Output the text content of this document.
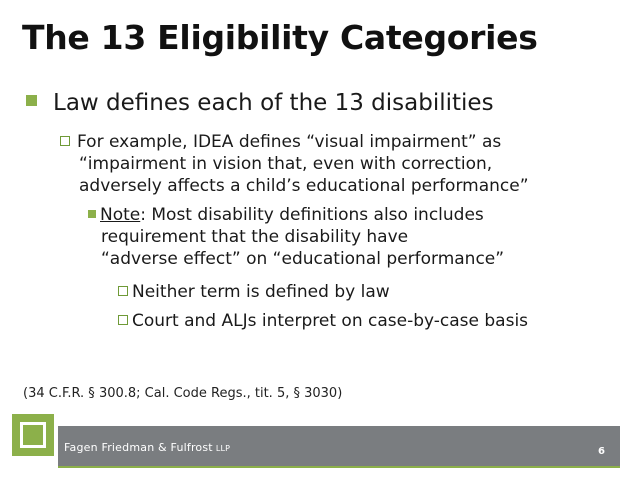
The 13 Eligibility Categories
Law defines each of the 13 disabilities
For example, IDEA defines “visual impairment” as
“impairment in vision that, even with correction,
adversely affects a child’s educational performance”
Note: Most disability definitions also includes
requirement that the disability have
“adverse effect” on “educational performance”
Neither term is defined by law
Court and ALJs interpret on case-by-case basis
(34 C.F.R. § 300.8; Cal. Code Regs., tit. 5, § 3030)
Fagen Friedman & Fulfrost LLP	6
